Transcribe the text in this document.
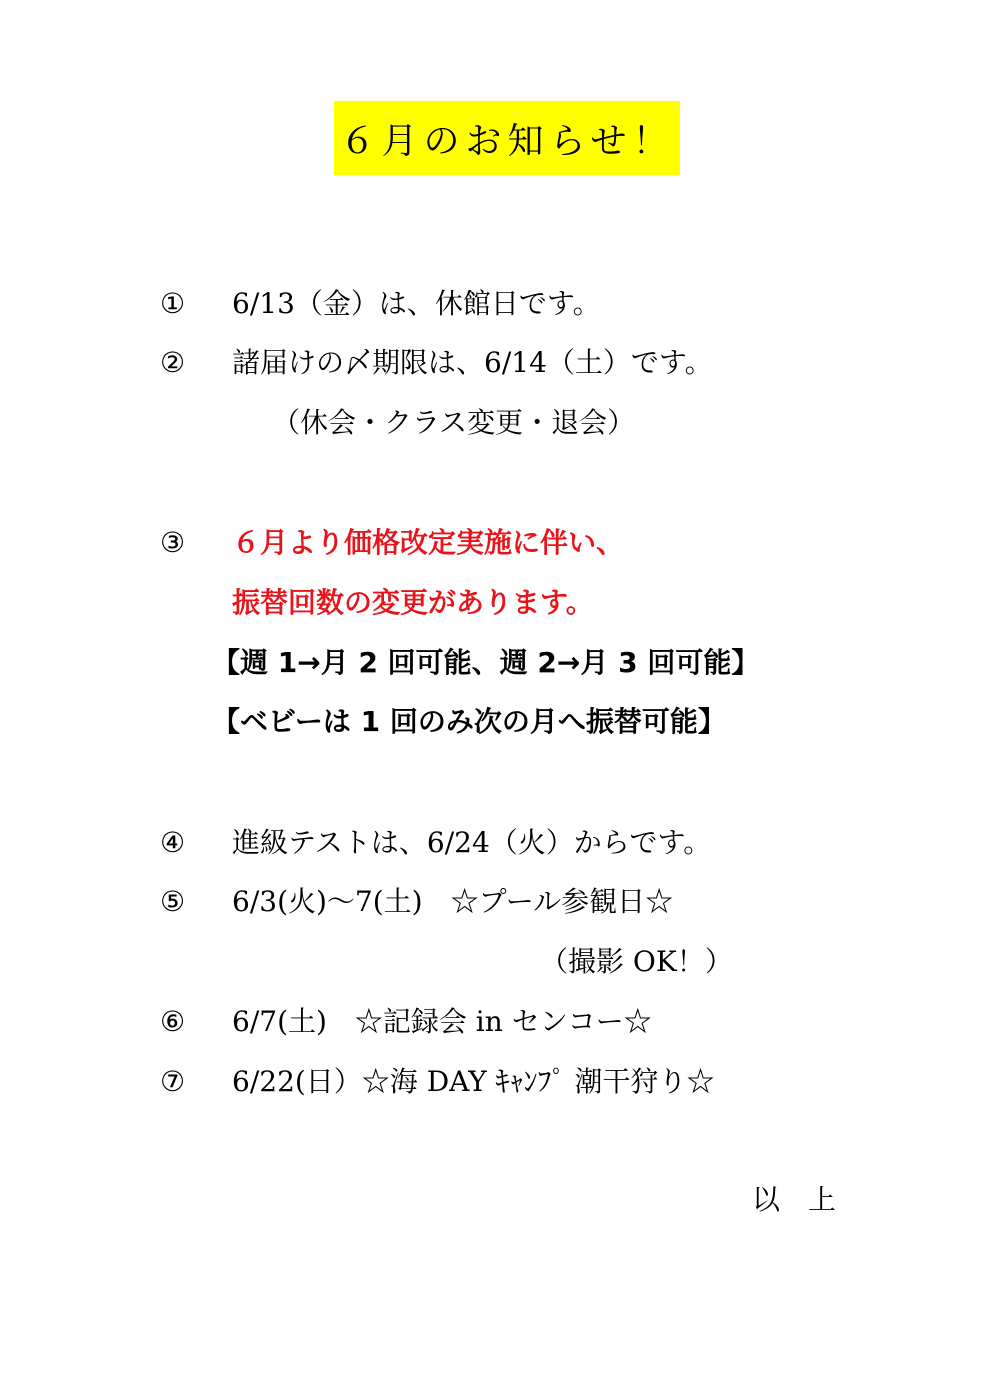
６月のお知らせ！
① 6/13（金）は、休館日です。
② 諸届けの〆期限は、6/14（土）です。
（休会・クラス変更・退会）
③ ６月より価格改定実施に伴い、
振替回数の変更があります。
【週 1→月 2 回可能、週 2→月 3 回可能】
【ベビーは 1 回のみ次の月へ振替可能】
④ 進級テストは、6/24（火）からです。
⑤ 6/3(火)～7(土)　☆プール参観日☆
（撮影 OK！）
⑥ 6/7(土)　☆記録会 in センコー☆
⑦ 6/22(日）☆海 DAY ｷｬﾝﾌﾟ 潮干狩り☆
以　上
